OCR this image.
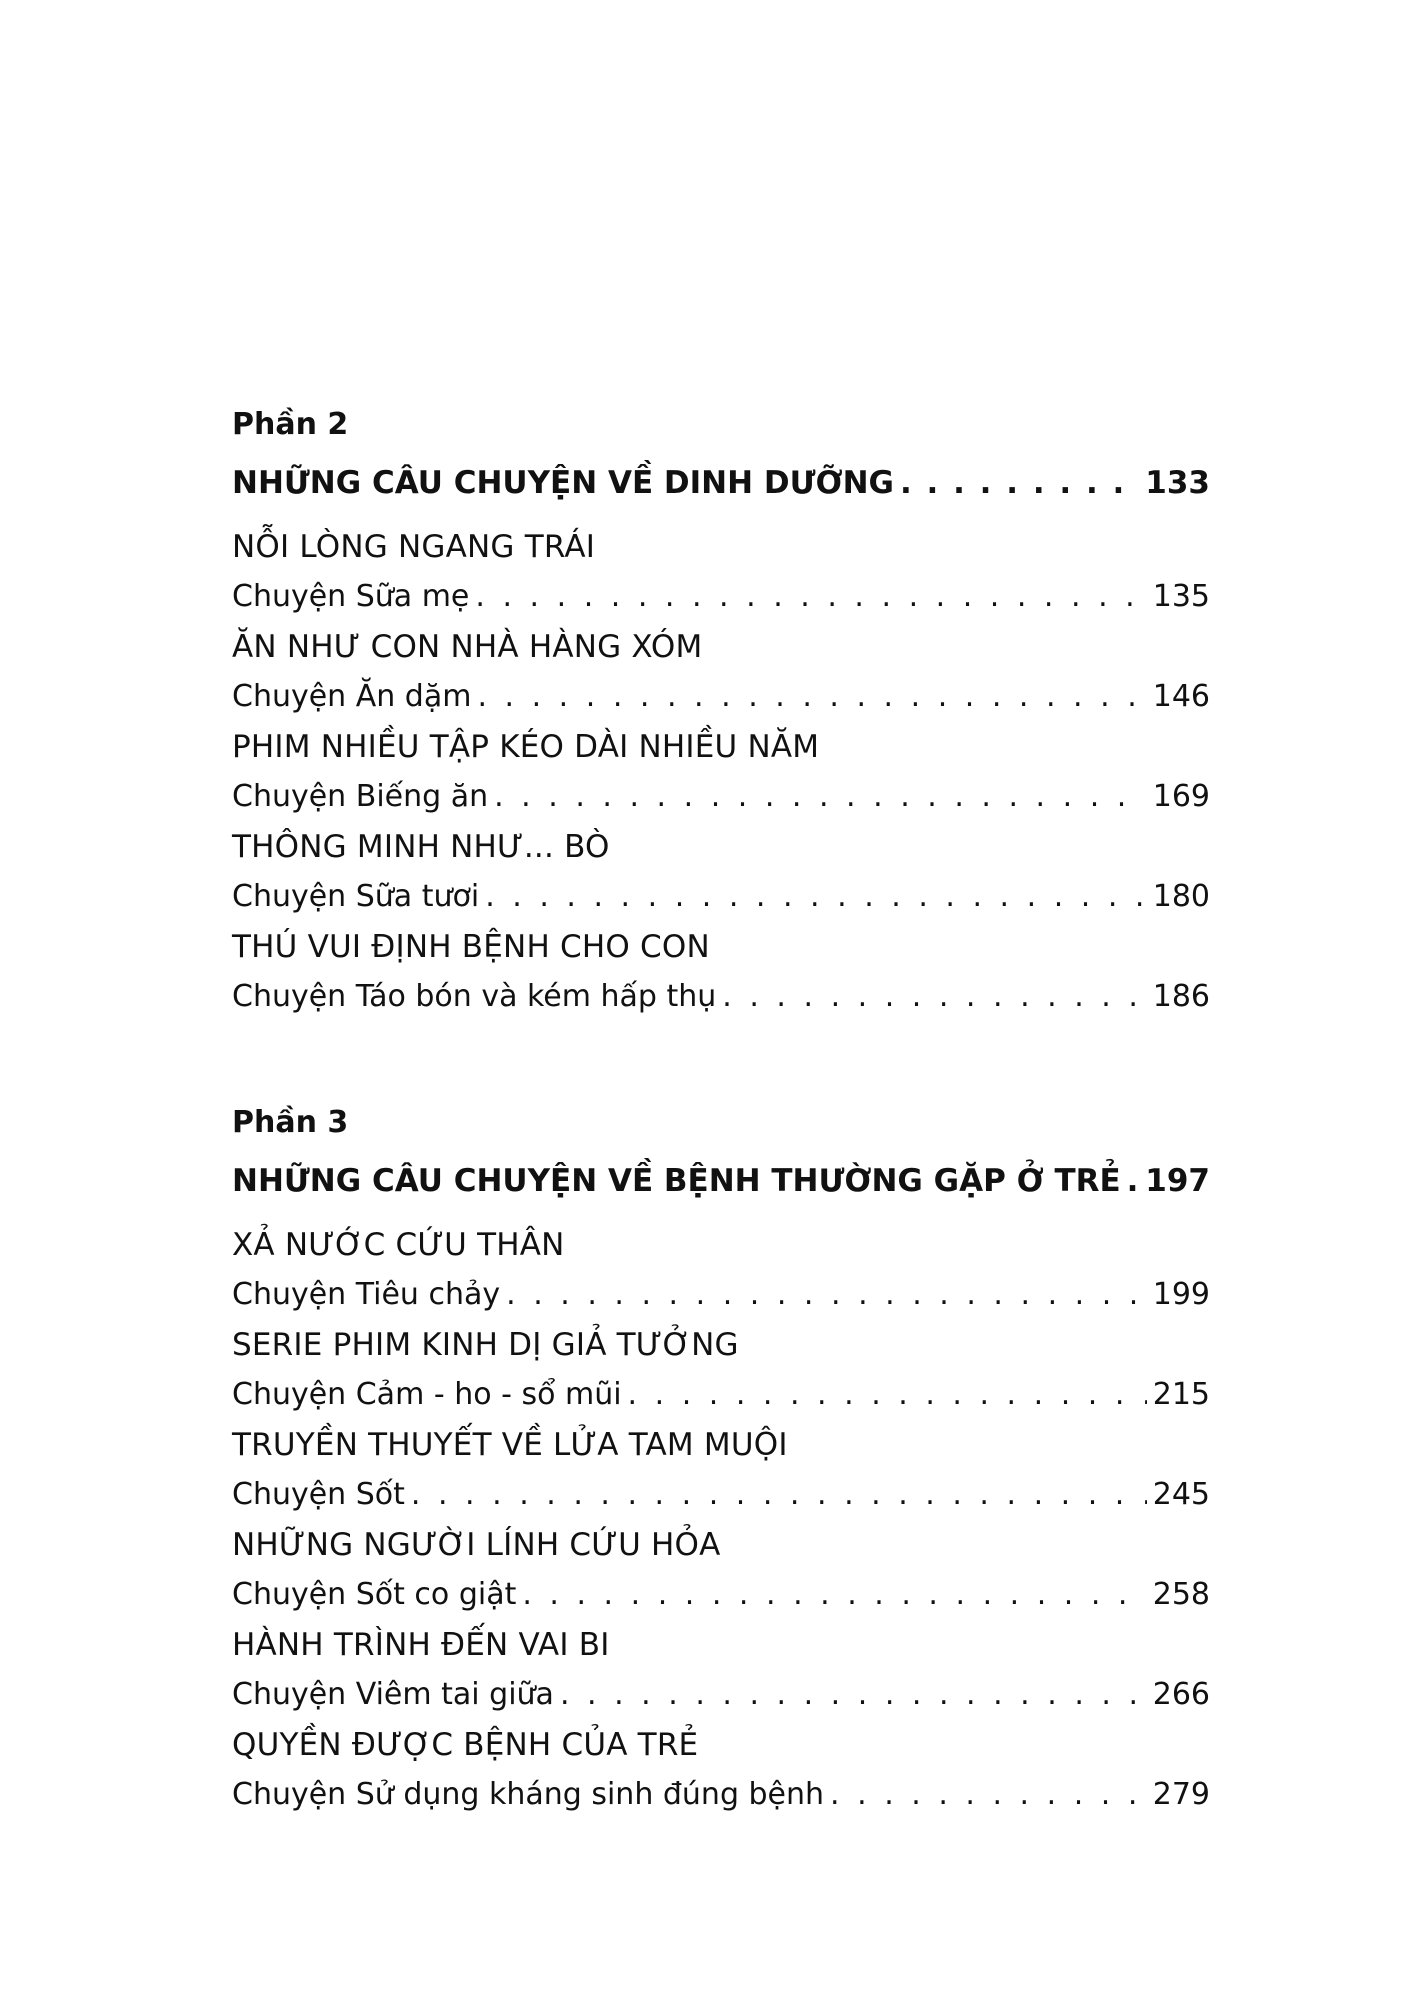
Phần 2
NHỮNG CÂU CHUYỆN VỀ DINH DƯỠNG . . .	133
NỖI LÒNG NGANG TRÁI
Chuyện Sữa mẹ . . .	135
ĂN NHƯ CON NHÀ HÀNG XÓM
Chuyện Ăn dặm . . .	146
PHIM NHIỀU TẬP KÉO DÀI NHIỀU NĂM
Chuyện Biếng ăn . . .	169
THÔNG MINH NHƯ... BÒ
Chuyện Sữa tươi . . .	180
THÚ VUI ĐỊNH BỆNH CHO CON
Chuyện Táo bón và kém hấp thụ . . .	186
Phần 3
NHỮNG CÂU CHUYỆN VỀ BỆNH THƯỜNG GẶP Ở TRẺ . . . 197
XẢ NƯỚC CỨU THÂN
Chuyện Tiêu chảy . . .	199
SERIE PHIM KINH DỊ GIẢ TƯỞNG
Chuyện Cảm - ho - sổ mũi . . .	215
TRUYỀN THUYẾT VỀ LỬA TAM MUỘI
Chuyện Sốt . . .	245
NHỮNG NGƯỜI LÍNH CỨU HỎA
Chuyện Sốt co giật . . .	258
HÀNH TRÌNH ĐẾN VAI BI
Chuyện Viêm tai giữa . . .	266
QUYỀN ĐƯỢC BỆNH CỦA TRẺ
Chuyện Sử dụng kháng sinh đúng bệnh . . .	279
